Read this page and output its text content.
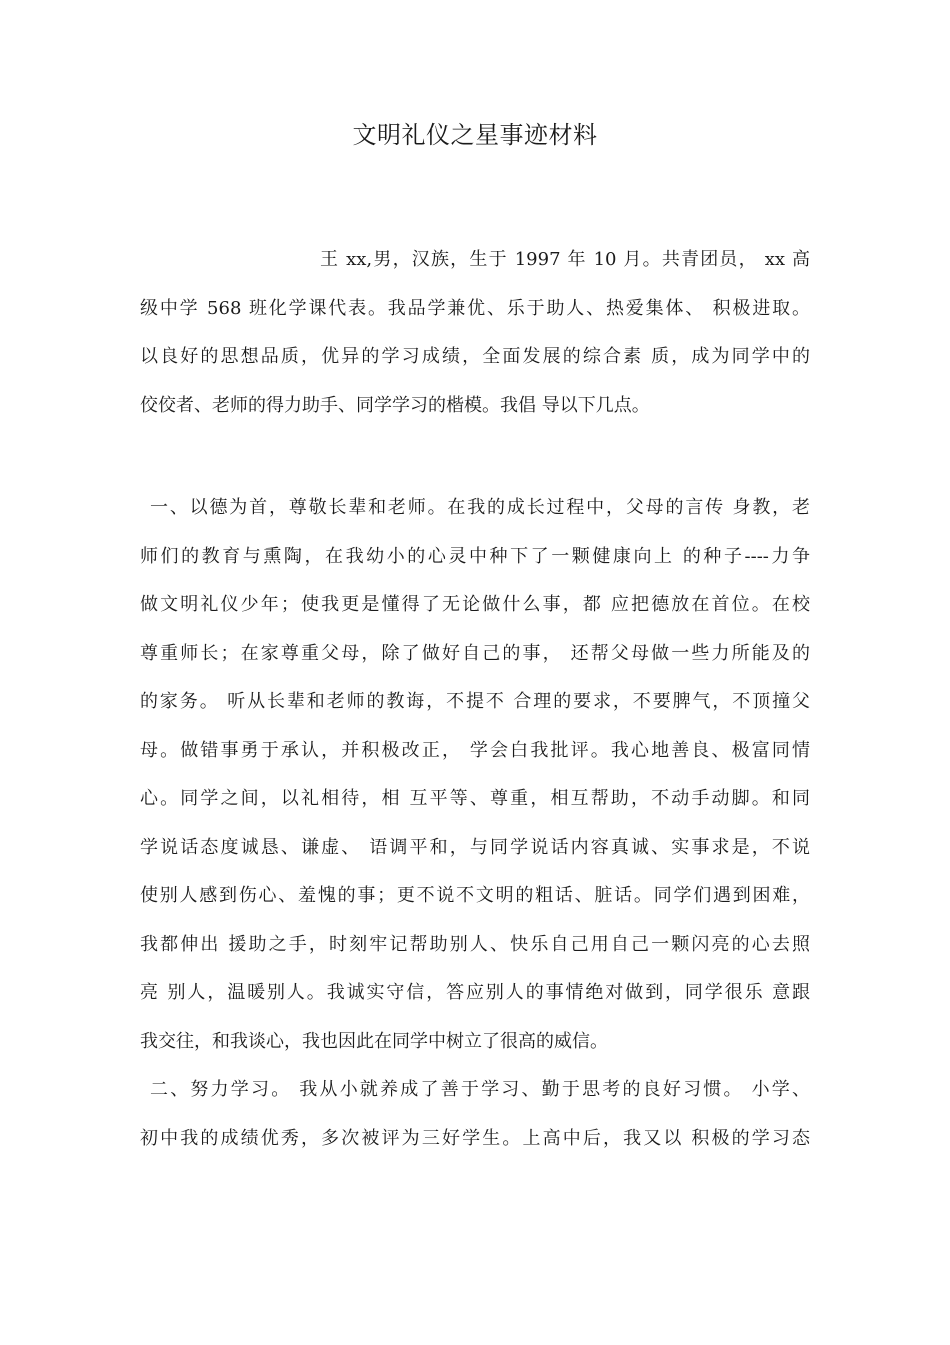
文明礼仪之星事迹材料
王 xx,男，汉族，生于 1997 年 10 月。共青团员， xx 高
级中学 568 班化学课代表。我品学兼优、乐于助人、热爱集体、 积极进取。
以良好的思想品质，优异的学习成绩，全面发展的综合素 质，成为同学中的
佼佼者、老师的得力助手、同学学习的楷模。我倡 导以下几点。
一、以德为首，尊敬长辈和老师。在我的成长过程中，父母的言传 身教，老
师们的教育与熏陶，在我幼小的心灵中种下了一颗健康向上 的种子----力争
做文明礼仪少年；使我更是懂得了无论做什么事，都 应把德放在首位。在校
尊重师长；在家尊重父母，除了做好自己的事， 还帮父母做一些力所能及的
的家务。 听从长辈和老师的教诲，不提不 合理的要求，不要脾气，不顶撞父
母。做错事勇于承认，并积极改正， 学会白我批评。我心地善良、极富同情
心。同学之间，以礼相待，相 互平等、尊重，相互帮助，不动手动脚。和同
学说话态度诚恳、谦虚、 语调平和，与同学说话内容真诚、实事求是，不说
使别人感到伤心、羞愧的事；更不说不文明的粗话、脏话。同学们遇到困难，
我都伸出 援助之手，时刻牢记帮助别人、快乐自己用自己一颗闪亮的心去照
亮 别人，温暖别人。我诚实守信，答应别人的事情绝对做到，同学很乐 意跟
我交往，和我谈心，我也因此在同学中树立了很高的威信。
二、努力学习。 我从小就养成了善于学习、勤于思考的良好习惯。 小学、
初中我的成绩优秀，多次被评为三好学生。上高中后，我又以 积极的学习态
